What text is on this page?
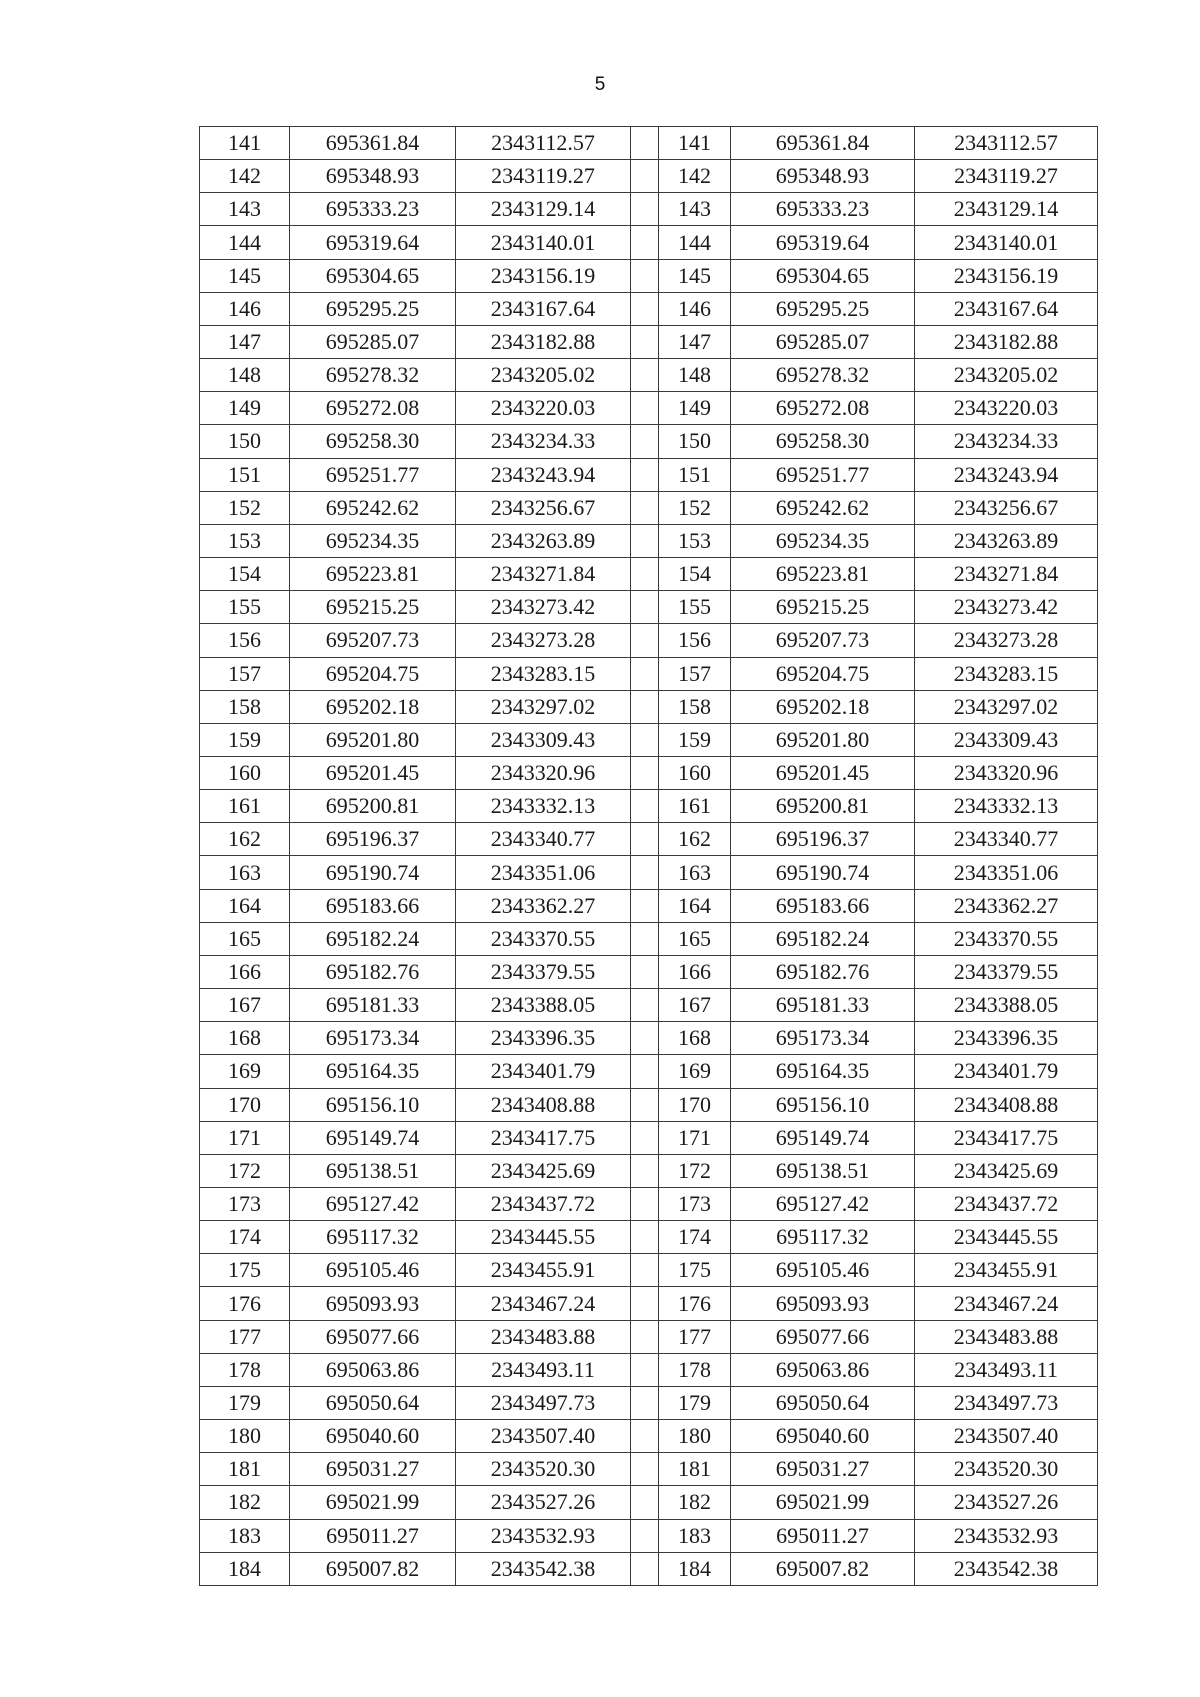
5
141	695361.84	2343112.57		141	695361.84	2343112.57
142	695348.93	2343119.27		142	695348.93	2343119.27
143	695333.23	2343129.14		143	695333.23	2343129.14
144	695319.64	2343140.01		144	695319.64	2343140.01
145	695304.65	2343156.19		145	695304.65	2343156.19
146	695295.25	2343167.64		146	695295.25	2343167.64
147	695285.07	2343182.88		147	695285.07	2343182.88
148	695278.32	2343205.02		148	695278.32	2343205.02
149	695272.08	2343220.03		149	695272.08	2343220.03
150	695258.30	2343234.33		150	695258.30	2343234.33
151	695251.77	2343243.94		151	695251.77	2343243.94
152	695242.62	2343256.67		152	695242.62	2343256.67
153	695234.35	2343263.89		153	695234.35	2343263.89
154	695223.81	2343271.84		154	695223.81	2343271.84
155	695215.25	2343273.42		155	695215.25	2343273.42
156	695207.73	2343273.28		156	695207.73	2343273.28
157	695204.75	2343283.15		157	695204.75	2343283.15
158	695202.18	2343297.02		158	695202.18	2343297.02
159	695201.80	2343309.43		159	695201.80	2343309.43
160	695201.45	2343320.96		160	695201.45	2343320.96
161	695200.81	2343332.13		161	695200.81	2343332.13
162	695196.37	2343340.77		162	695196.37	2343340.77
163	695190.74	2343351.06		163	695190.74	2343351.06
164	695183.66	2343362.27		164	695183.66	2343362.27
165	695182.24	2343370.55		165	695182.24	2343370.55
166	695182.76	2343379.55		166	695182.76	2343379.55
167	695181.33	2343388.05		167	695181.33	2343388.05
168	695173.34	2343396.35		168	695173.34	2343396.35
169	695164.35	2343401.79		169	695164.35	2343401.79
170	695156.10	2343408.88		170	695156.10	2343408.88
171	695149.74	2343417.75		171	695149.74	2343417.75
172	695138.51	2343425.69		172	695138.51	2343425.69
173	695127.42	2343437.72		173	695127.42	2343437.72
174	695117.32	2343445.55		174	695117.32	2343445.55
175	695105.46	2343455.91		175	695105.46	2343455.91
176	695093.93	2343467.24		176	695093.93	2343467.24
177	695077.66	2343483.88		177	695077.66	2343483.88
178	695063.86	2343493.11		178	695063.86	2343493.11
179	695050.64	2343497.73		179	695050.64	2343497.73
180	695040.60	2343507.40		180	695040.60	2343507.40
181	695031.27	2343520.30		181	695031.27	2343520.30
182	695021.99	2343527.26		182	695021.99	2343527.26
183	695011.27	2343532.93		183	695011.27	2343532.93
184	695007.82	2343542.38		184	695007.82	2343542.38
